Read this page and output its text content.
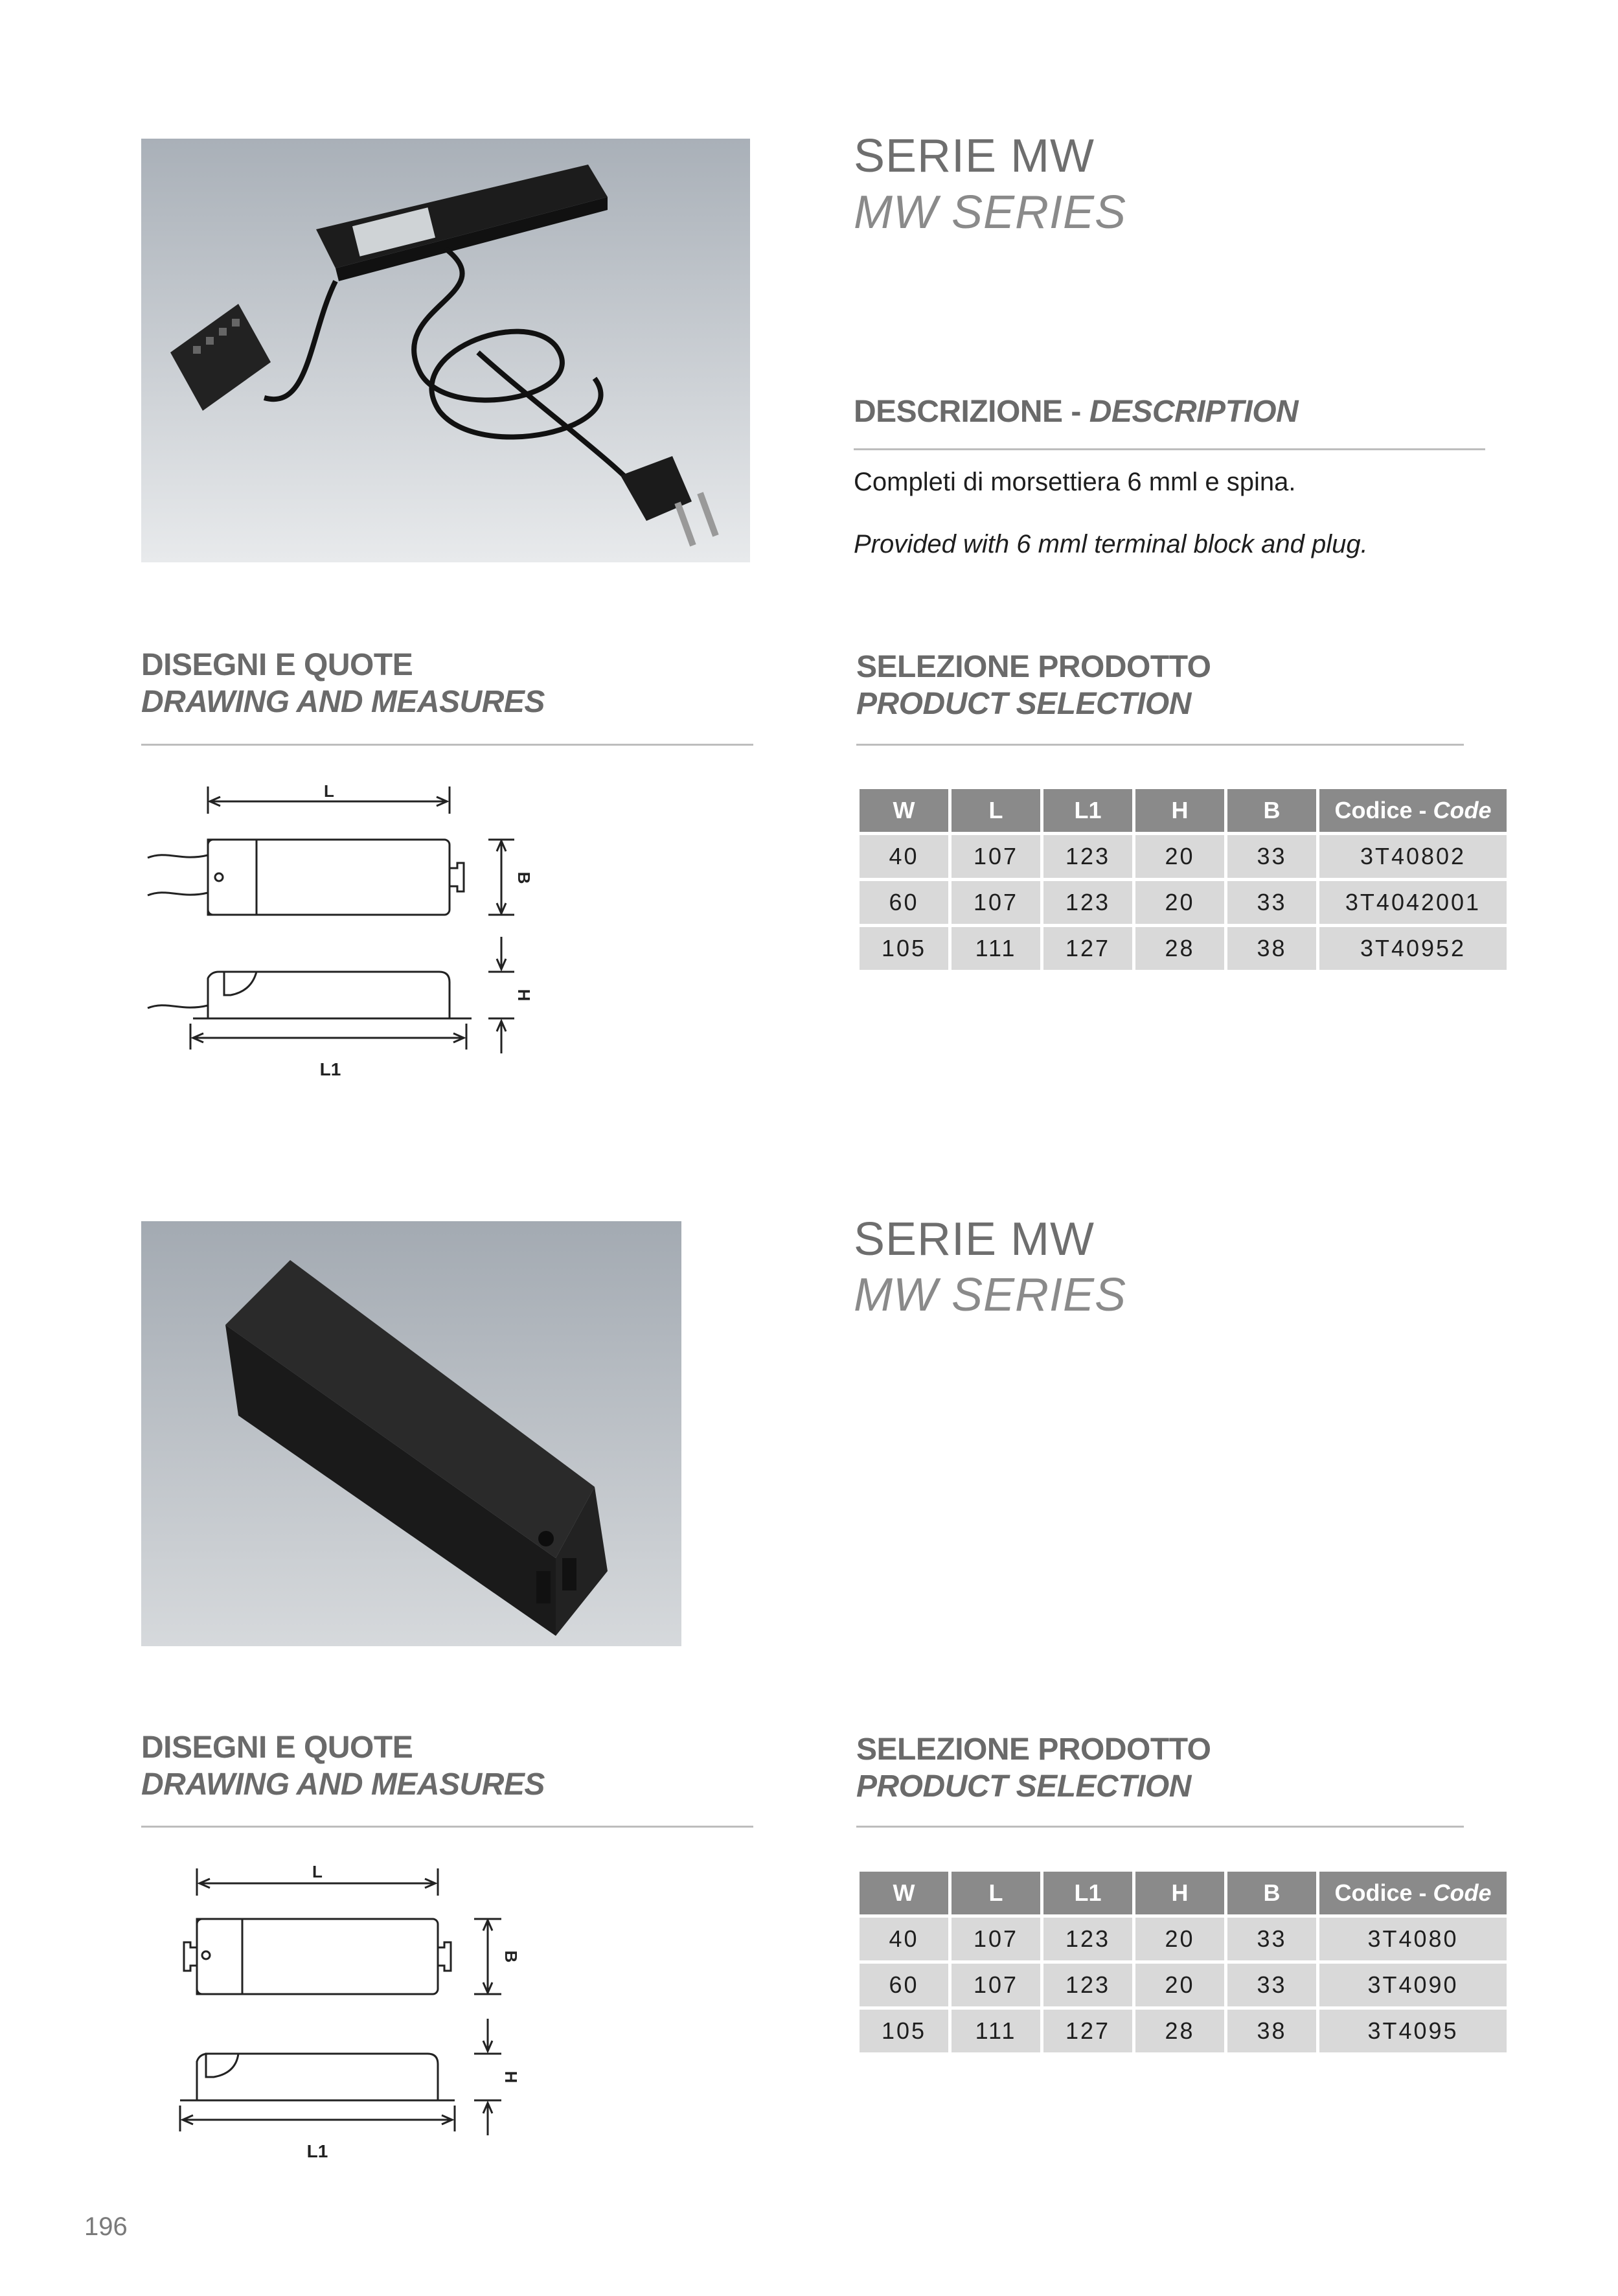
SERIE MW
MW SERIES
DESCRIZIONE - DESCRIPTION
Completi di morsettiera 6 mml e spina.
Provided with 6 mml terminal block and plug.
DISEGNI E QUOTE
DRAWING AND MEASURES
SELEZIONE PRODOTTO
PRODUCT SELECTION
L
B
H
L1
W	L	L1	H	B	Codice - Code
40	107	123	20	33	3T40802
60	107	123	20	33	3T4042001
105	111	127	28	38	3T40952
SERIE MW
MW SERIES
DISEGNI E QUOTE
DRAWING AND MEASURES
SELEZIONE PRODOTTO
PRODUCT SELECTION
L
B
H
L1
W	L	L1	H	B	Codice - Code
40	107	123	20	33	3T4080
60	107	123	20	33	3T4090
105	111	127	28	38	3T4095
196
